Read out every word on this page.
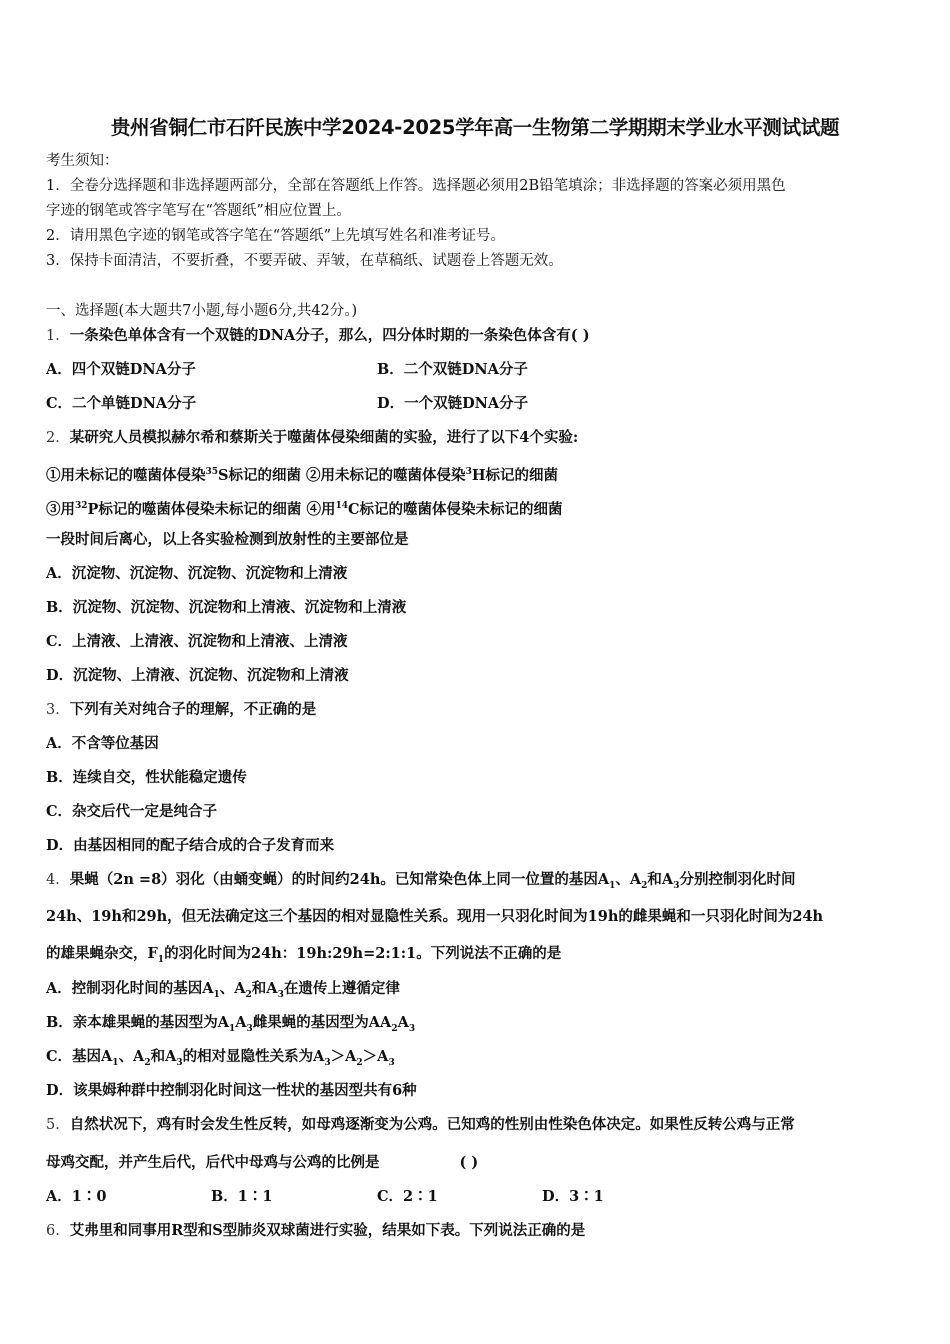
贵州省铜仁市石阡民族中学2024-2025学年高一生物第二学期期末学业水平测试试题
考生须知：
1．全卷分选择题和非选择题两部分，全部在答题纸上作答。选择题必须用2B铅笔填涂；非选择题的答案必须用黑色
字迹的钢笔或答字笔写在“答题纸”相应位置上。
2．请用黑色字迹的钢笔或答字笔在“答题纸”上先填写姓名和准考证号。
3．保持卡面清洁，不要折叠，不要弄破、弄皱，在草稿纸、试题卷上答题无效。
一、选择题(本大题共7小题,每小题6分,共42分。)
1．一条染色单体含有一个双链的DNA分子，那么，四分体时期的一条染色体含有( )
A．四个双链DNA分子	B．二个双链DNA分子
C．二个单链DNA分子	D．一个双链DNA分子
2．某研究人员模拟赫尔希和蔡斯关于噬菌体侵染细菌的实验，进行了以下4个实验:
①用未标记的噬菌体侵染$^{35}$S标记的细菌 ②用未标记的噬菌体侵染$^3$H标记的细菌
③用$^{32}$P标记的噬菌体侵染未标记的细菌 ④用$^{14}$C标记的噬菌体侵染未标记的细菌
一段时间后离心，以上各实验检测到放射性的主要部位是
A．沉淀物、沉淀物、沉淀物、沉淀物和上清液
B．沉淀物、沉淀物、沉淀物和上清液、沉淀物和上清液
C．上清液、上清液、沉淀物和上清液、上清液
D．沉淀物、上清液、沉淀物、沉淀物和上清液
3．下列有关对纯合子的理解，不正确的是
A．不含等位基因
B．连续自交，性状能稳定遗传
C．杂交后代一定是纯合子
D．由基因相同的配子结合成的合子发育而来
4．果蝇（2n =8）羽化（由蛹变蝇）的时间约24h。已知常染色体上同一位置的基因$A_1$、$A_2$和$A_3$分别控制羽化时间
24h、19h和29h，但无法确定这三个基因的相对显隐性关系。现用一只羽化时间为19h的雌果蝇和一只羽化时间为24h
的雄果蝇杂交，$F_1$的羽化时间为24h：19h:29h=2:1:1。下列说法不正确的是
A．控制羽化时间的基因$A_1$、$A_2$和$A_3$在遗传上遵循定律
B．亲本雄果蝇的基因型为$A_1A_3$雌果蝇的基因型为$AA_2A_3$
C．基因$A_1$、$A_2$和$A_3$的相对显隐性关系为$A_3>A_2>A_3$
D．该果姆种群中控制羽化时间这一性状的基因型共有6种
5．自然状况下，鸡有时会发生性反转，如母鸡逐渐变为公鸡。已知鸡的性别由性染色体决定。如果性反转公鸡与正常
母鸡交配，并产生后代，后代中母鸡与公鸡的比例是	( )
A．1∶0	B．1∶1	C．2∶1	D．3∶1
6．艾弗里和同事用R型和S型肺炎双球菌进行实验，结果如下表。下列说法正确的是
